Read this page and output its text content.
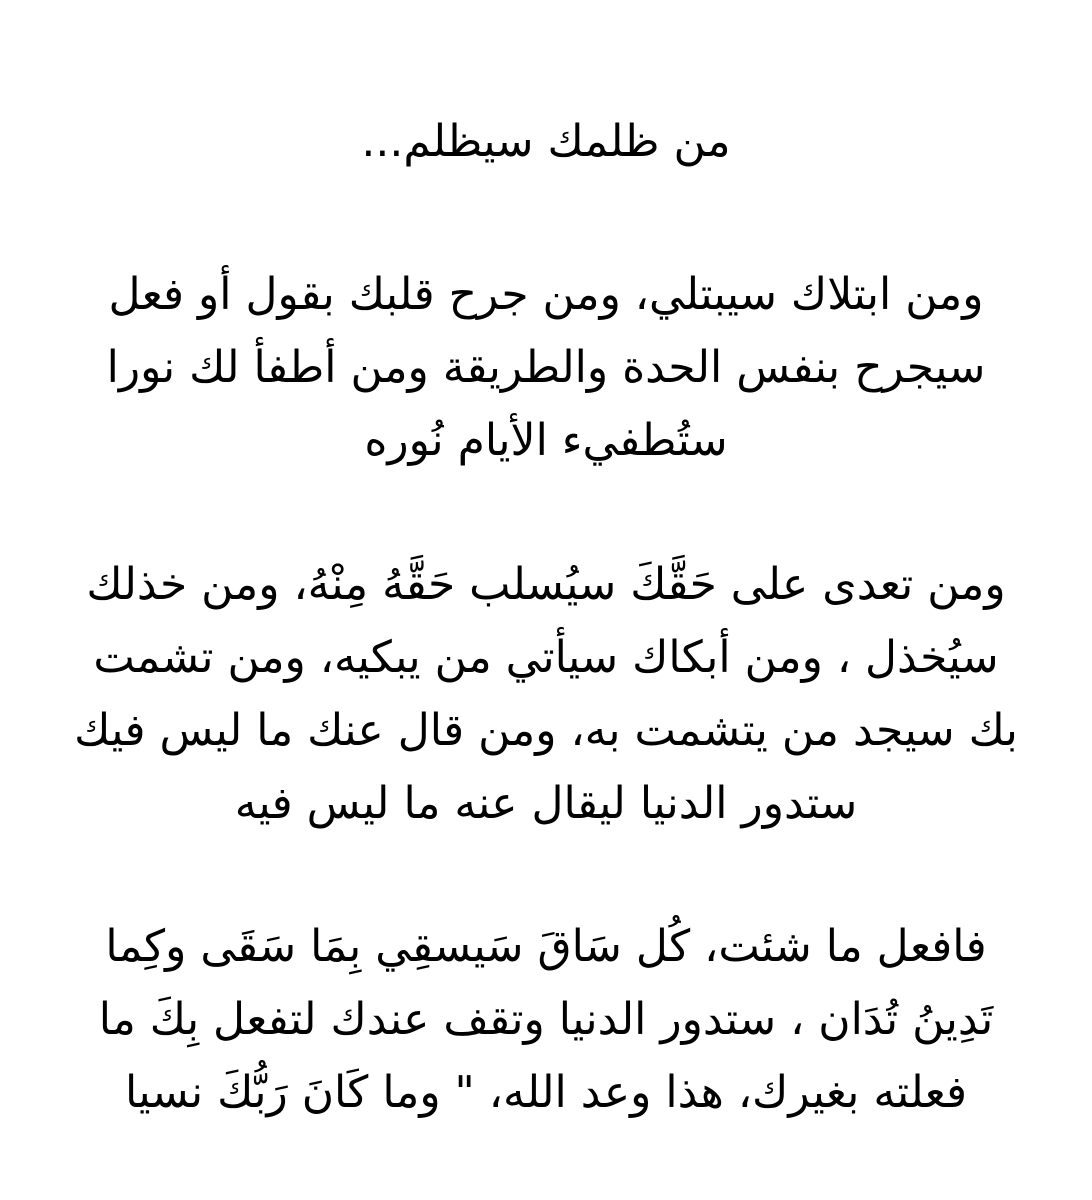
من ظلمك سيظلم...
ومن ابتلاك سيبتلي، ومن جرح قلبك بقول أو فعل
سيجرح بنفس الحدة والطريقة ومن أطفأ لك نورا
ستُطفيء الأيام نُوره
ومن تعدى على حَقَّكَ سيُسلب حَقَّهُ مِنْهُ، ومن خذلك
سيُخذل ، ومن أبكاك سيأتي من يبكيه، ومن تشمت
بك سيجد من يتشمت به، ومن قال عنك ما ليس فيك
ستدور الدنيا ليقال عنه ما ليس فيه
فافعل ما شئت، كُل سَاقَ سَيسقِي بِمَا سَقَى وكِما
تَدِينُ تُدَان ، ستدور الدنيا وتقف عندك لتفعل بِكَ ما
فعلته بغيرك، هذا وعد الله، " وما كَانَ رَبُّكَ نسيا
